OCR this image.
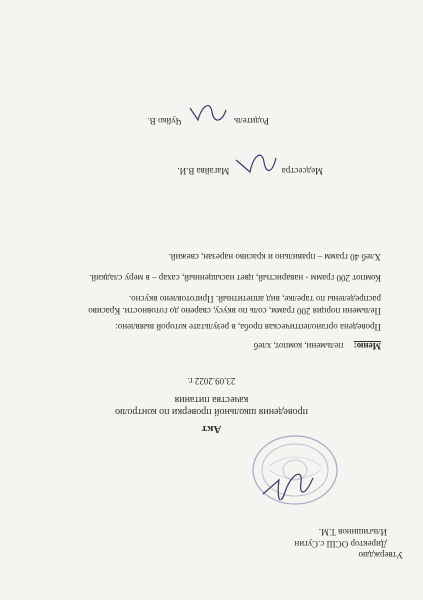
Утверждаю
Директор ОСШ с.Сугин
Ильгишинов Т.М.
Акт
проведения школьной проверки по контролю
качества питания
23.09.2022 г.
Меню: пельмени, компот, хлеб

Проведена органолептическая проба, в результате которой выявлено:

Пельмени порция 200 грамм, соль по вкусу, сварено до готовности. Красиво распределены по тарелке, вид аппетитный. Приготовлено вкусно.

Компот 200 грамм - наваристый, цвет насыщенный, сахар – в меру сладкий.

Хлеб 40 грамм – правильно и красиво нарезан, свежий.

Медсестра
Магайва В.И.
Родитель
Чуйко В.
